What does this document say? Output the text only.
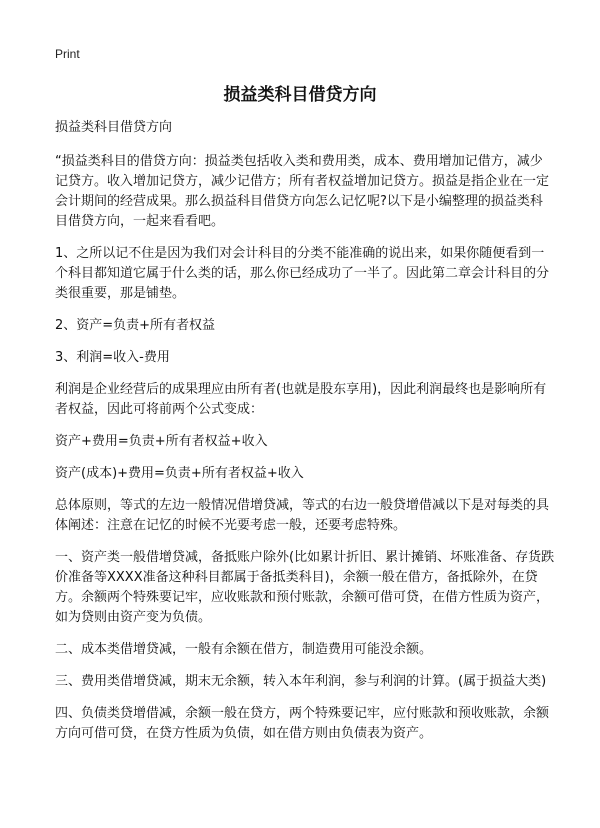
Print
损益类科目借贷方向
损益类科目借贷方向

“损益类科目的借贷方向：损益类包括收入类和费用类，成本、费用增加记借方，减少记贷方。收入增加记贷方，减少记借方；所有者权益增加记贷方。损益是指企业在一定会计期间的经营成果。那么损益科目借贷方向怎么记忆呢?以下是小编整理的损益类科目借贷方向，一起来看看吧。

1、之所以记不住是因为我们对会计科目的分类不能准确的说出来，如果你随便看到一个科目都知道它属于什么类的话，那么你已经成功了一半了。因此第二章会计科目的分类很重要，那是铺垫。

2、资产=负责+所有者权益

3、利润=收入-费用

利润是企业经营后的成果理应由所有者(也就是股东享用)，因此利润最终也是影响所有者权益，因此可将前两个公式变成：

资产+费用=负责+所有者权益+收入

资产(成本)+费用=负责+所有者权益+收入

总体原则，等式的左边一般情况借增贷减，等式的右边一般贷增借减以下是对每类的具体阐述：注意在记忆的时候不光要考虑一般，还要考虑特殊。

一、资产类一般借增贷减，备抵账户除外(比如累计折旧、累计摊销、坏账准备、存货跌价准备等XXXX准备这种科目都属于备抵类科目)，余额一般在借方，备抵除外，在贷方。余额两个特殊要记牢，应收账款和预付账款，余额可借可贷，在借方性质为资产，如为贷则由资产变为负债。

二、成本类借增贷减，一般有余额在借方，制造费用可能没余额。

三、费用类借增贷减，期末无余额，转入本年利润，参与利润的计算。(属于损益大类)

四、负债类贷增借减，余额一般在贷方，两个特殊要记牢，应付账款和预收账款，余额方向可借可贷，在贷方性质为负债，如在借方则由负债表为资产。
